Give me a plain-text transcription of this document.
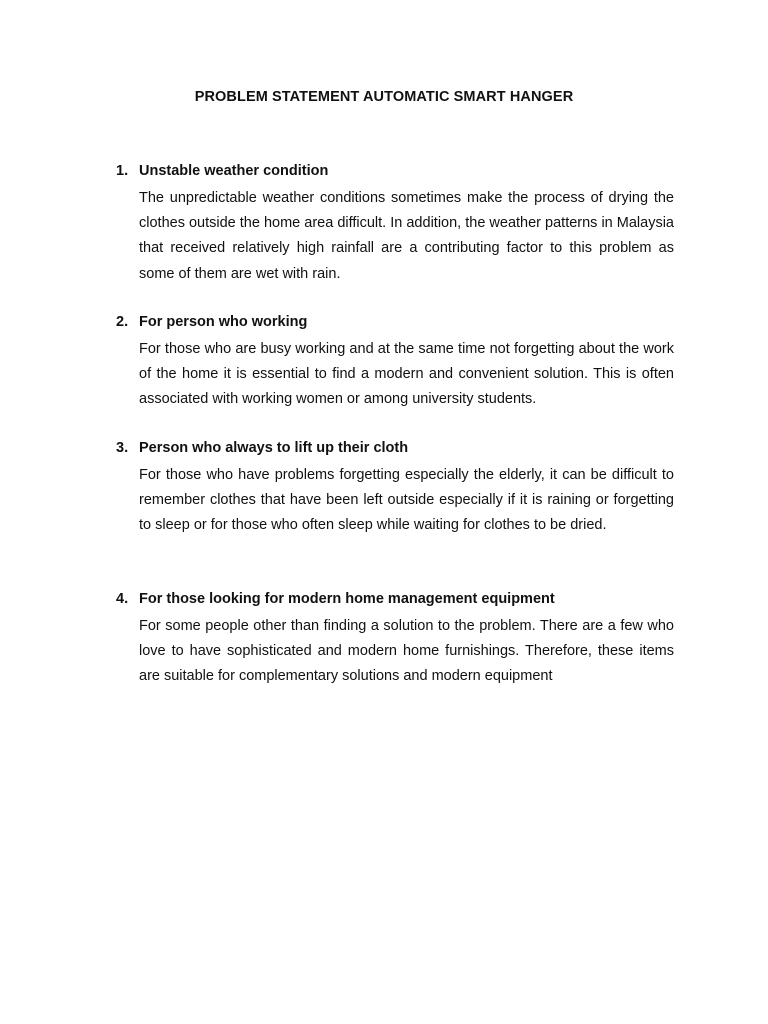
PROBLEM STATEMENT AUTOMATIC SMART HANGER
1. Unstable weather condition
The unpredictable weather conditions sometimes make the process of drying the clothes outside the home area difficult. In addition, the weather patterns in Malaysia that received relatively high rainfall are a contributing factor to this problem as some of them are wet with rain.
2. For person who working
For those who are busy working and at the same time not forgetting about the work of the home it is essential to find a modern and convenient solution. This is often associated with working women or among university students.
3. Person who always to lift up their cloth
For those who have problems forgetting especially the elderly, it can be difficult to remember clothes that have been left outside especially if it is raining or forgetting to sleep or for those who often sleep while waiting for clothes to be dried.
4. For those looking for modern home management equipment
For some people other than finding a solution to the problem. There are a few who love to have sophisticated and modern home furnishings. Therefore, these items are suitable for complementary solutions and modern equipment
